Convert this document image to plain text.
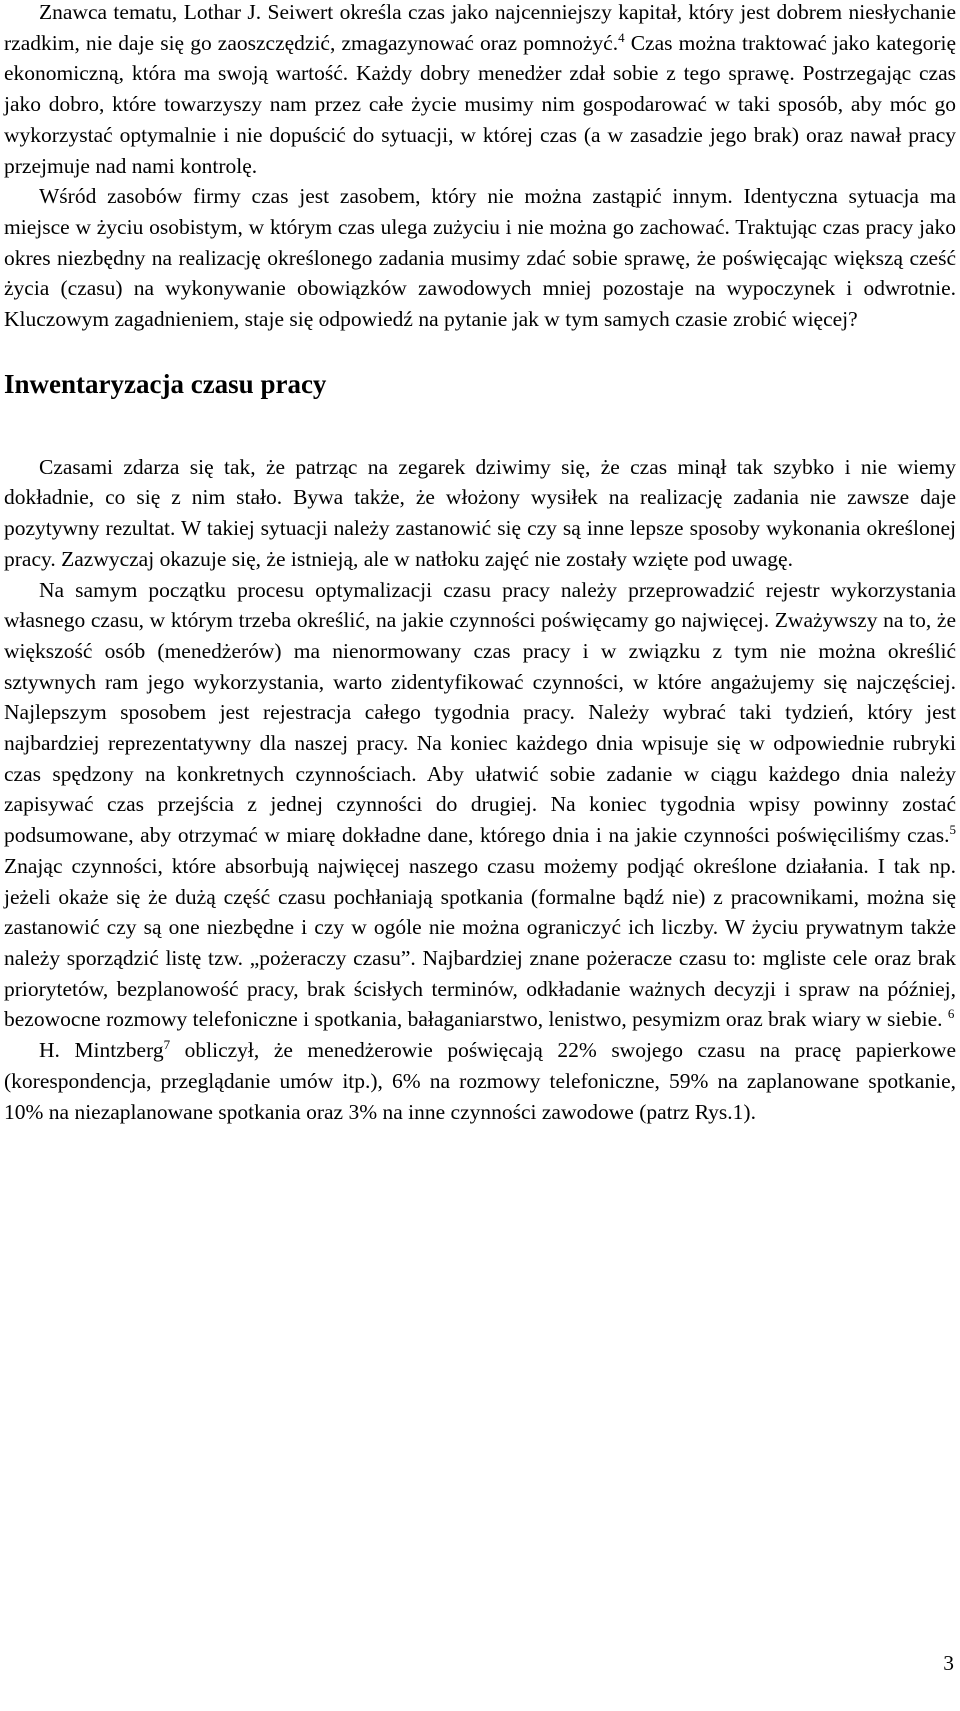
Znawca tematu, Lothar J. Seiwert określa czas jako najcenniejszy kapitał, który jest dobrem niesłychanie rzadkim, nie daje się go zaoszczędzić, zmagazynować oraz pomnożyć.$^4$ Czas można traktować jako kategorię ekonomiczną, która ma swoją wartość. Każdy dobry menedżer zdał sobie z tego sprawę. Postrzegając czas jako dobro, które towarzyszy nam przez całe życie musimy nim gospodarować w taki sposób, aby móc go wykorzystać optymalnie i nie dopuścić do sytuacji, w której czas (a w zasadzie jego brak) oraz nawał pracy przejmuje nad nami kontrolę.

Wśród zasobów firmy czas jest zasobem, który nie można zastąpić innym. Identyczna sytuacja ma miejsce w życiu osobistym, w którym czas ulega zużyciu i nie można go zachować. Traktując czas pracy jako okres niezbędny na realizację określonego zadania musimy zdać sobie sprawę, że poświęcając większą cześć życia (czasu) na wykonywanie obowiązków zawodowych mniej pozostaje na wypoczynek i odwrotnie. Kluczowym zagadnieniem, staje się odpowiedź na pytanie jak w tym samych czasie zrobić więcej?

Inwentaryzacja czasu pracy

Czasami zdarza się tak, że patrząc na zegarek dziwimy się, że czas minął tak szybko i nie wiemy dokładnie, co się z nim stało. Bywa także, że włożony wysiłek na realizację zadania nie zawsze daje pozytywny rezultat. W takiej sytuacji należy zastanowić się czy są inne lepsze sposoby wykonania określonej pracy. Zazwyczaj okazuje się, że istnieją, ale w natłoku zajęć nie zostały wzięte pod uwagę.

Na samym początku procesu optymalizacji czasu pracy należy przeprowadzić rejestr wykorzystania własnego czasu, w którym trzeba określić, na jakie czynności poświęcamy go najwięcej. Zważywszy na to, że większość osób (menedżerów) ma nienormowany czas pracy i w związku z tym nie można określić sztywnych ram jego wykorzystania, warto zidentyfikować czynności, w które angażujemy się najczęściej. Najlepszym sposobem jest rejestracja całego tygodnia pracy. Należy wybrać taki tydzień, który jest najbardziej reprezentatywny dla naszej pracy. Na koniec każdego dnia wpisuje się w odpowiednie rubryki czas spędzony na konkretnych czynnościach. Aby ułatwić sobie zadanie w ciągu każdego dnia należy zapisywać czas przejścia z jednej czynności do drugiej. Na koniec tygodnia wpisy powinny zostać podsumowane, aby otrzymać w miarę dokładne dane, którego dnia i na jakie czynności poświęciliśmy czas.$^5$ Znając czynności, które absorbują najwięcej naszego czasu możemy podjąć określone działania. I tak np. jeżeli okaże się że dużą część czasu pochłaniają spotkania (formalne bądź nie) z pracownikami, można się zastanowić czy są one niezbędne i czy w ogóle nie można ograniczyć ich liczby. W życiu prywatnym także należy sporządzić listę tzw. „pożeraczy czasu”. Najbardziej znane pożeracze czasu to: mgliste cele oraz brak priorytetów, bezplanowość pracy, brak ścisłych terminów, odkładanie ważnych decyzji i spraw na później, bezowocne rozmowy telefoniczne i spotkania, bałaganiarstwo, lenistwo, pesymizm oraz brak wiary w siebie. $^6$

H. Mintzberg$^7$ obliczył, że menedżerowie poświęcają 22% swojego czasu na pracę papierkowe (korespondencja, przeglądanie umów itp.), 6% na rozmowy telefoniczne, 59% na zaplanowane spotkanie, 10% na niezaplanowane spotkania oraz 3% na inne czynności zawodowe (patrz Rys.1).

3
